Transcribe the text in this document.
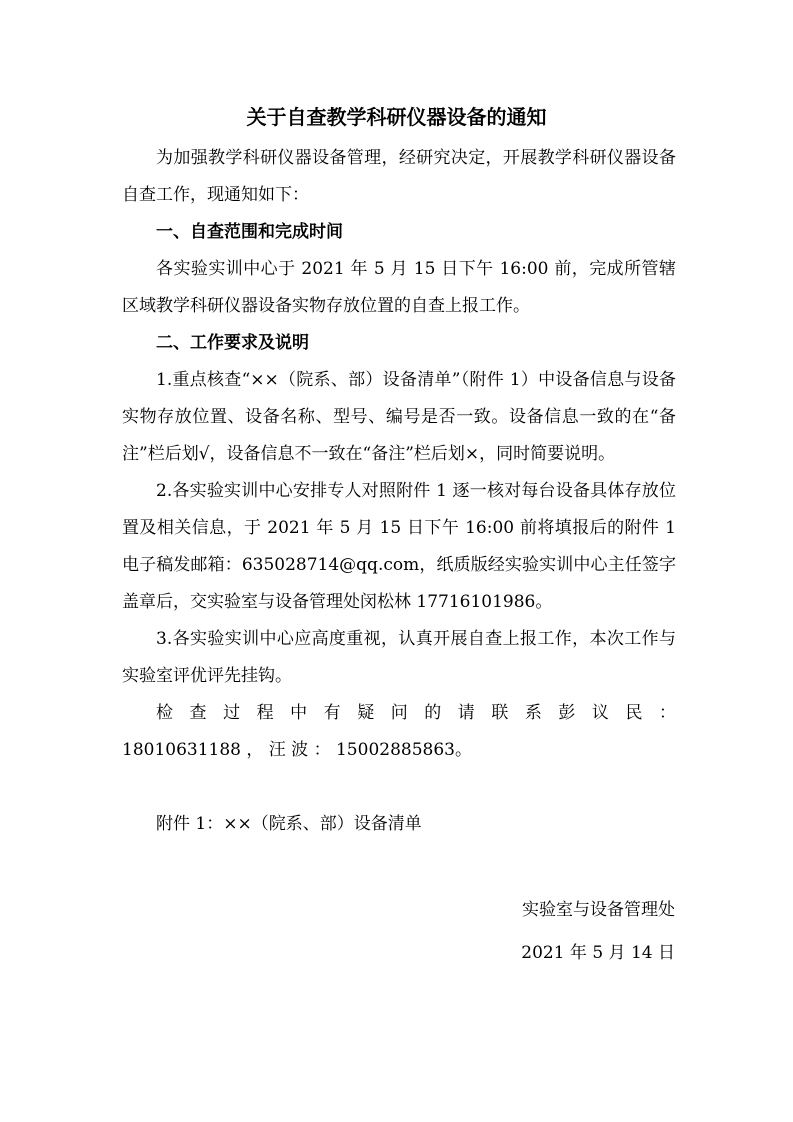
关于自查教学科研仪器设备的通知

为加强教学科研仪器设备管理，经研究决定，开展教学科研仪器设备自查工作，现通知如下：

一、自查范围和完成时间

各实验实训中心于 2021 年 5 月 15 日下午 16:00 前，完成所管辖区域教学科研仪器设备实物存放位置的自查上报工作。

二、工作要求及说明

1.重点核查“××（院系、部）设备清单”（附件 1）中设备信息与设备实物存放位置、设备名称、型号、编号是否一致。设备信息一致的在“备注”栏后划√，设备信息不一致在“备注”栏后划×，同时简要说明。

2.各实验实训中心安排专人对照附件 1 逐一核对每台设备具体存放位置及相关信息，于 2021 年 5 月 15 日下午 16:00 前将填报后的附件 1电子稿发邮箱：635028714@qq.com，纸质版经实验实训中心主任签字盖章后，交实验室与设备管理处闵松林 17716101986。

3.各实验实训中心应高度重视，认真开展自查上报工作，本次工作与实验室评优评先挂钩。

检查过程中有疑问的请联系彭议民：

18010631188 ， 汪 波 ： 15002885863。

附件 1：××（院系、部）设备清单

实验室与设备管理处
2021 年 5 月 14 日
